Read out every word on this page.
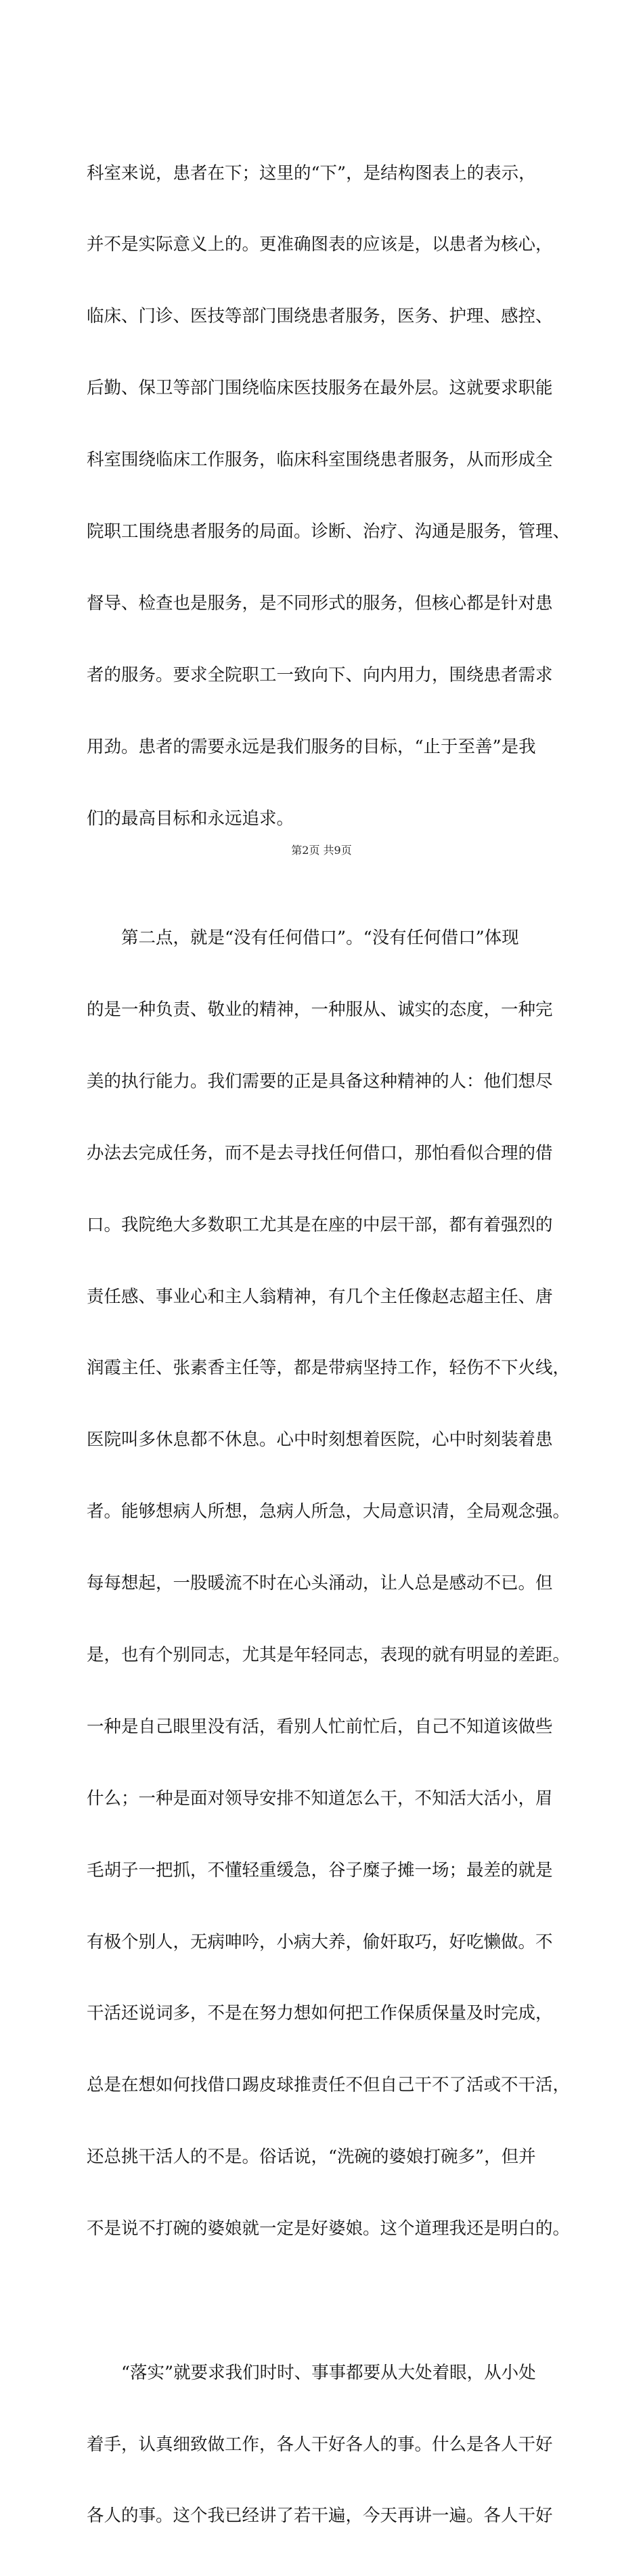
科室来说，患者在下；这里的“下”，是结构图表上的表示，

并不是实际意义上的。更准确图表的应该是，以患者为核心，

临床、门诊、医技等部门围绕患者服务，医务、护理、感控、

后勤、保卫等部门围绕临床医技服务在最外层。这就要求职能

科室围绕临床工作服务，临床科室围绕患者服务，从而形成全

院职工围绕患者服务的局面。诊断、治疗、沟通是服务，管理、

督导、检查也是服务，是不同形式的服务，但核心都是针对患

者的服务。要求全院职工一致向下、向内用力，围绕患者需求

用劲。患者的需要永远是我们服务的目标，“止于至善”是我

们的最高目标和永远追求。

　　第二点，就是“没有任何借口”。“没有任何借口”体现

的是一种负责、敬业的精神，一种服从、诚实的态度，一种完

美的执行能力。我们需要的正是具备这种精神的人：他们想尽

办法去完成任务，而不是去寻找任何借口，那怕看似合理的借

口。我院绝大多数职工尤其是在座的中层干部，都有着强烈的

责任感、事业心和主人翁精神，有几个主任像赵志超主任、唐

润霞主任、张素香主任等，都是带病坚持工作，轻伤不下火线，

医院叫多休息都不休息。心中时刻想着医院，心中时刻装着患

者。能够想病人所想，急病人所急，大局意识清，全局观念强。

每每想起，一股暖流不时在心头涌动，让人总是感动不已。但

是，也有个别同志，尤其是年轻同志，表现的就有明显的差距。

一种是自己眼里没有活，看别人忙前忙后，自己不知道该做些

什么；一种是面对领导安排不知道怎么干，不知活大活小，眉

毛胡子一把抓，不懂轻重缓急，谷子糜子摊一场；最差的就是

有极个别人，无病呻吟，小病大养，偷奸取巧，好吃懒做。不

干活还说词多，不是在努力想如何把工作保质保量及时完成，

总是在想如何找借口踢皮球推责任不但自己干不了活或不干活，

还总挑干活人的不是。俗话说，“洗碗的婆娘打碗多”，但并

不是说不打碗的婆娘就一定是好婆娘。这个道理我还是明白的。

　　“落实”就要求我们时时、事事都要从大处着眼，从小处

着手，认真细致做工作，各人干好各人的事。什么是各人干好

各人的事。这个我已经讲了若干遍，今天再讲一遍。各人干好

第2页 共9页
